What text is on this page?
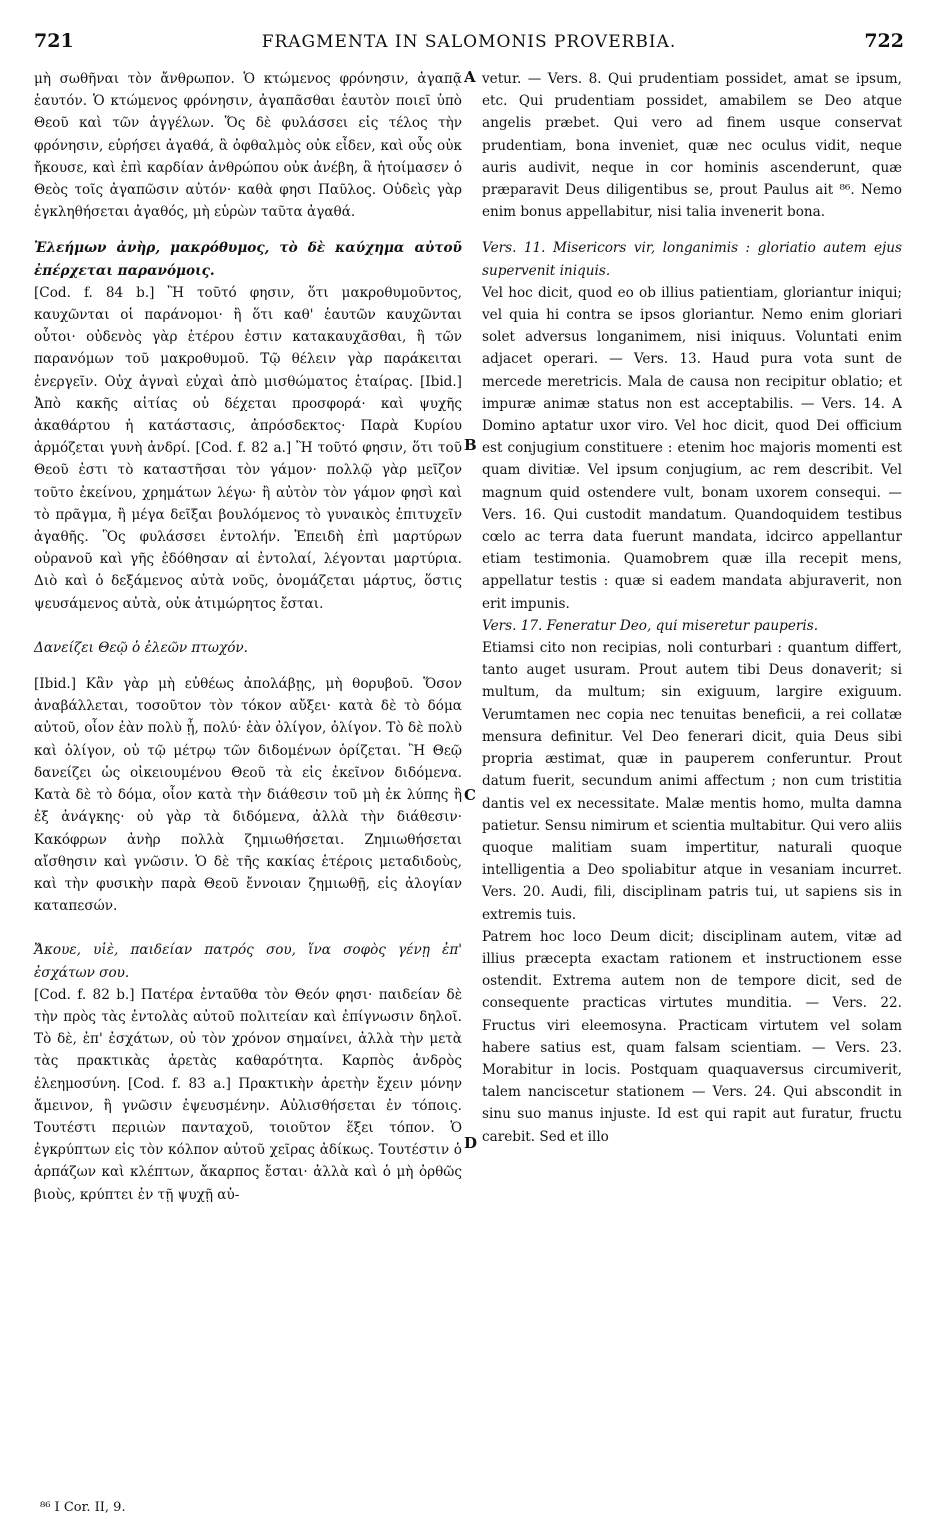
721	FRAGMENTA IN SALOMONIS PROVERBIA.	722

μὴ σωθῆναι τὸν ἄνθρωπον. Ὁ κτώμενος φρόνησιν, ἀγαπᾷ ἑαυτόν. Ὁ κτώμενος φρόνησιν, ἀγαπᾶσθαι ἑαυτὸν ποιεῖ ὑπὸ Θεοῦ καὶ τῶν ἀγγέλων. Ὅς δὲ φυλάσσει εἰς τέλος τὴν φρόνησιν, εὑρήσει ἀγαθά, ἃ ὀφθαλμὸς οὐκ εἶδεν, καὶ οὖς οὐκ ἤκουσε, καὶ ἐπὶ καρδίαν ἀνθρώπου οὐκ ἀνέβη, ἃ ἡτοίμασεν ὁ Θεὸς τοῖς ἀγαπῶσιν αὐτόν· καθὰ φησι Παῦλος. Οὐδεὶς γὰρ ἐγκληθήσεται ἀγαθός, μὴ εὑρὼν ταῦτα ἀγαθά.

Ἐλεήμων ἀνὴρ, μακρόθυμος, τὸ δὲ καύχημα αὐτοῦ ἐπέρχεται παρανόμοις.

[Cod. f. 84 b.] Ἢ τοῦτό φησιν, ὅτι μακροθυμοῦντος, καυχῶνται οἱ παράνομοι· ἢ ὅτι καθ' ἑαυτῶν καυχῶνται οὗτοι· οὐδενὸς γὰρ ἑτέρου ἐστιν κατακαυχᾶσθαι, ἢ τῶν παρανόμων τοῦ μακροθυμοῦ. Τῷ θέλειν γὰρ παράκειται ἐνεργεῖν. Οὐχ ἁγναὶ εὐχαὶ ἀπὸ μισθώματος ἑταίρας. [Ibid.] Ἀπὸ κακῆς αἰτίας οὐ δέχεται προσφορά· καὶ ψυχῆς ἀκαθάρτου ἡ κατάστασις, ἀπρόσδεκτος· Παρὰ Κυρίου ἁρμόζεται γυνὴ ἀνδρί. [Cod. f. 82 a.] Ἢ τοῦτό φησιν, ὅτι τοῦ Θεοῦ ἐστι τὸ καταστῆσαι τὸν γάμον· πολλῷ γὰρ μεῖζον τοῦτο ἐκείνου, χρημάτων λέγω· ἢ αὐτὸν τὸν γάμον φησὶ καὶ τὸ πρᾶγμα, ἢ μέγα δεῖξαι βουλόμενος τὸ γυναικὸς ἐπιτυχεῖν ἀγαθῆς. Ὃς φυλάσσει ἐντολήν. Ἐπειδὴ ἐπὶ μαρτύρων οὐρανοῦ καὶ γῆς ἐδόθησαν αἱ ἐντολαί, λέγονται μαρτύρια. Διὸ καὶ ὁ δεξάμενος αὐτὰ νοῦς, ὀνομάζεται μάρτυς, ὅστις ψευσάμενος αὐτὰ, οὐκ ἀτιμώρητος ἔσται.

Δανείζει Θεῷ ὁ ἐλεῶν πτωχόν.

[Ibid.] Κἂν γὰρ μὴ εὐθέως ἀπολάβῃς, μὴ θορυβοῦ. Ὅσον ἀναβάλλεται, τοσοῦτον τὸν τόκον αὔξει· κατὰ δὲ τὸ δόμα αὐτοῦ, οἷον ἐὰν πολὺ ᾖ, πολύ· ἐὰν ὀλίγον, ὀλίγον. Τὸ δὲ πολὺ καὶ ὀλίγον, οὐ τῷ μέτρῳ τῶν διδομένων ὁρίζεται. Ἢ Θεῷ δανείζει ὡς οἰκειουμένου Θεοῦ τὰ εἰς ἐκεῖνον διδόμενα. Κατὰ δὲ τὸ δόμα, οἷον κατὰ τὴν διάθεσιν τοῦ μὴ ἐκ λύπης ἢ ἐξ ἀνάγκης· οὐ γὰρ τὰ διδόμενα, ἀλλὰ τὴν διάθεσιν· Κακόφρων ἀνὴρ πολλὰ ζημιωθήσεται. Ζημιωθήσεται αἴσθησιν καὶ γνῶσιν. Ὁ δὲ τῆς κακίας ἑτέροις μεταδιδοὺς, καὶ τὴν φυσικὴν παρὰ Θεοῦ ἔννοιαν ζημιωθῇ, εἰς ἀλογίαν καταπεσών.

Ἄκουε, υἱὲ, παιδείαν πατρός σου, ἵνα σοφὸς γένῃ ἐπ' ἐσχάτων σου.

[Cod. f. 82 b.] Πατέρα ἐνταῦθα τὸν Θεόν φησι· παιδείαν δὲ τὴν πρὸς τὰς ἐντολὰς αὐτοῦ πολιτείαν καὶ ἐπίγνωσιν δηλοῖ. Τὸ δὲ, ἐπ' ἐσχάτων, οὐ τὸν χρόνον σημαίνει, ἀλλὰ τὴν μετὰ τὰς πρακτικὰς ἀρετὰς καθαρότητα. Καρπὸς ἀνδρὸς ἐλεημοσύνη. [Cod. f. 83 a.] Πρακτικὴν ἀρετὴν ἔχειν μόνην ἄμεινον, ἢ γνῶσιν ἐψευσμένην. Αὐλισθήσεται ἐν τόποις. Τουτέστι περιιὼν πανταχοῦ, τοιοῦτον ἕξει τόπον. Ὁ ἐγκρύπτων εἰς τὸν κόλπον αὐτοῦ χεῖρας ἀδίκως. Τουτέστιν ὁ ἁρπάζων καὶ κλέπτων, ἄκαρπος ἔσται· ἀλλὰ καὶ ὁ μὴ ὀρθῶς βιοὺς, κρύπτει ἐν τῇ ψυχῇ αὐ-

vetur. — Vers. 8. Qui prudentiam possidet, amat se ipsum, etc. Qui prudentiam possidet, amabilem se Deo atque angelis præbet. Qui vero ad finem usque conservat prudentiam, bona inveniet, quæ nec oculus vidit, neque auris audivit, neque in cor hominis ascenderunt, quæ præparavit Deus diligentibus se, prout Paulus ait ⁸⁶. Nemo enim bonus appellabitur, nisi talia invenerit bona.

Vers. 11. Misericors vir, longanimis : gloriatio autem ejus supervenit iniquis.

Vel hoc dicit, quod eo ob illius patientiam, gloriantur iniqui; vel quia hi contra se ipsos gloriantur. Nemo enim gloriari solet adversus longanimem, nisi iniquus. Voluntati enim adjacet operari. — Vers. 13. Haud pura vota sunt de mercede meretricis. Mala de causa non recipitur oblatio; et impuræ animæ status non est acceptabilis. — Vers. 14. A Domino aptatur uxor viro. Vel hoc dicit, quod Dei officium est conjugium constituere : etenim hoc majoris momenti est quam divitiæ. Vel ipsum conjugium, ac rem describit. Vel magnum quid ostendere vult, bonam uxorem consequi. — Vers. 16. Qui custodit mandatum. Quandoquidem testibus cœlo ac terra data fuerunt mandata, idcirco appellantur etiam testimonia. Quamobrem quæ illa recepit mens, appellatur testis : quæ si eadem mandata abjuraverit, non erit impunis.

Vers. 17. Feneratur Deo, qui miseretur pauperis.

Etiamsi cito non recipias, noli conturbari : quantum differt, tanto auget usuram. Prout autem tibi Deus donaverit; si multum, da multum; sin exiguum, largire exiguum. Verumtamen nec copia nec tenuitas beneficii, a rei collatæ mensura definitur. Vel Deo fenerari dicit, quia Deus sibi propria æstimat, quæ in pauperem conferuntur. Prout datum fuerit, secundum animi affectum ; non cum tristitia dantis vel ex necessitate. Malæ mentis homo, multa damna patietur. Sensu nimirum et scientia multabitur. Qui vero aliis quoque malitiam suam impertitur, naturali quoque intelligentia a Deo spoliabitur atque in vesaniam incurret. Vers. 20. Audi, fili, disciplinam patris tui, ut sapiens sis in extremis tuis.

Patrem hoc loco Deum dicit; disciplinam autem, vitæ ad illius præcepta exactam rationem et instructionem esse ostendit. Extrema autem non de tempore dicit, sed de consequente practicas virtutes munditia. — Vers. 22. Fructus viri eleemosyna. Practicam virtutem vel solam habere satius est, quam falsam scientiam. — Vers. 23. Morabitur in locis. Postquam quaquaversus circumiverit, talem nanciscetur stationem — Vers. 24. Qui abscondit in sinu suo manus injuste. Id est qui rapit aut furatur, fructu carebit. Sed et illo

A
B
C
D
⁸⁶ I Cor. II, 9.
